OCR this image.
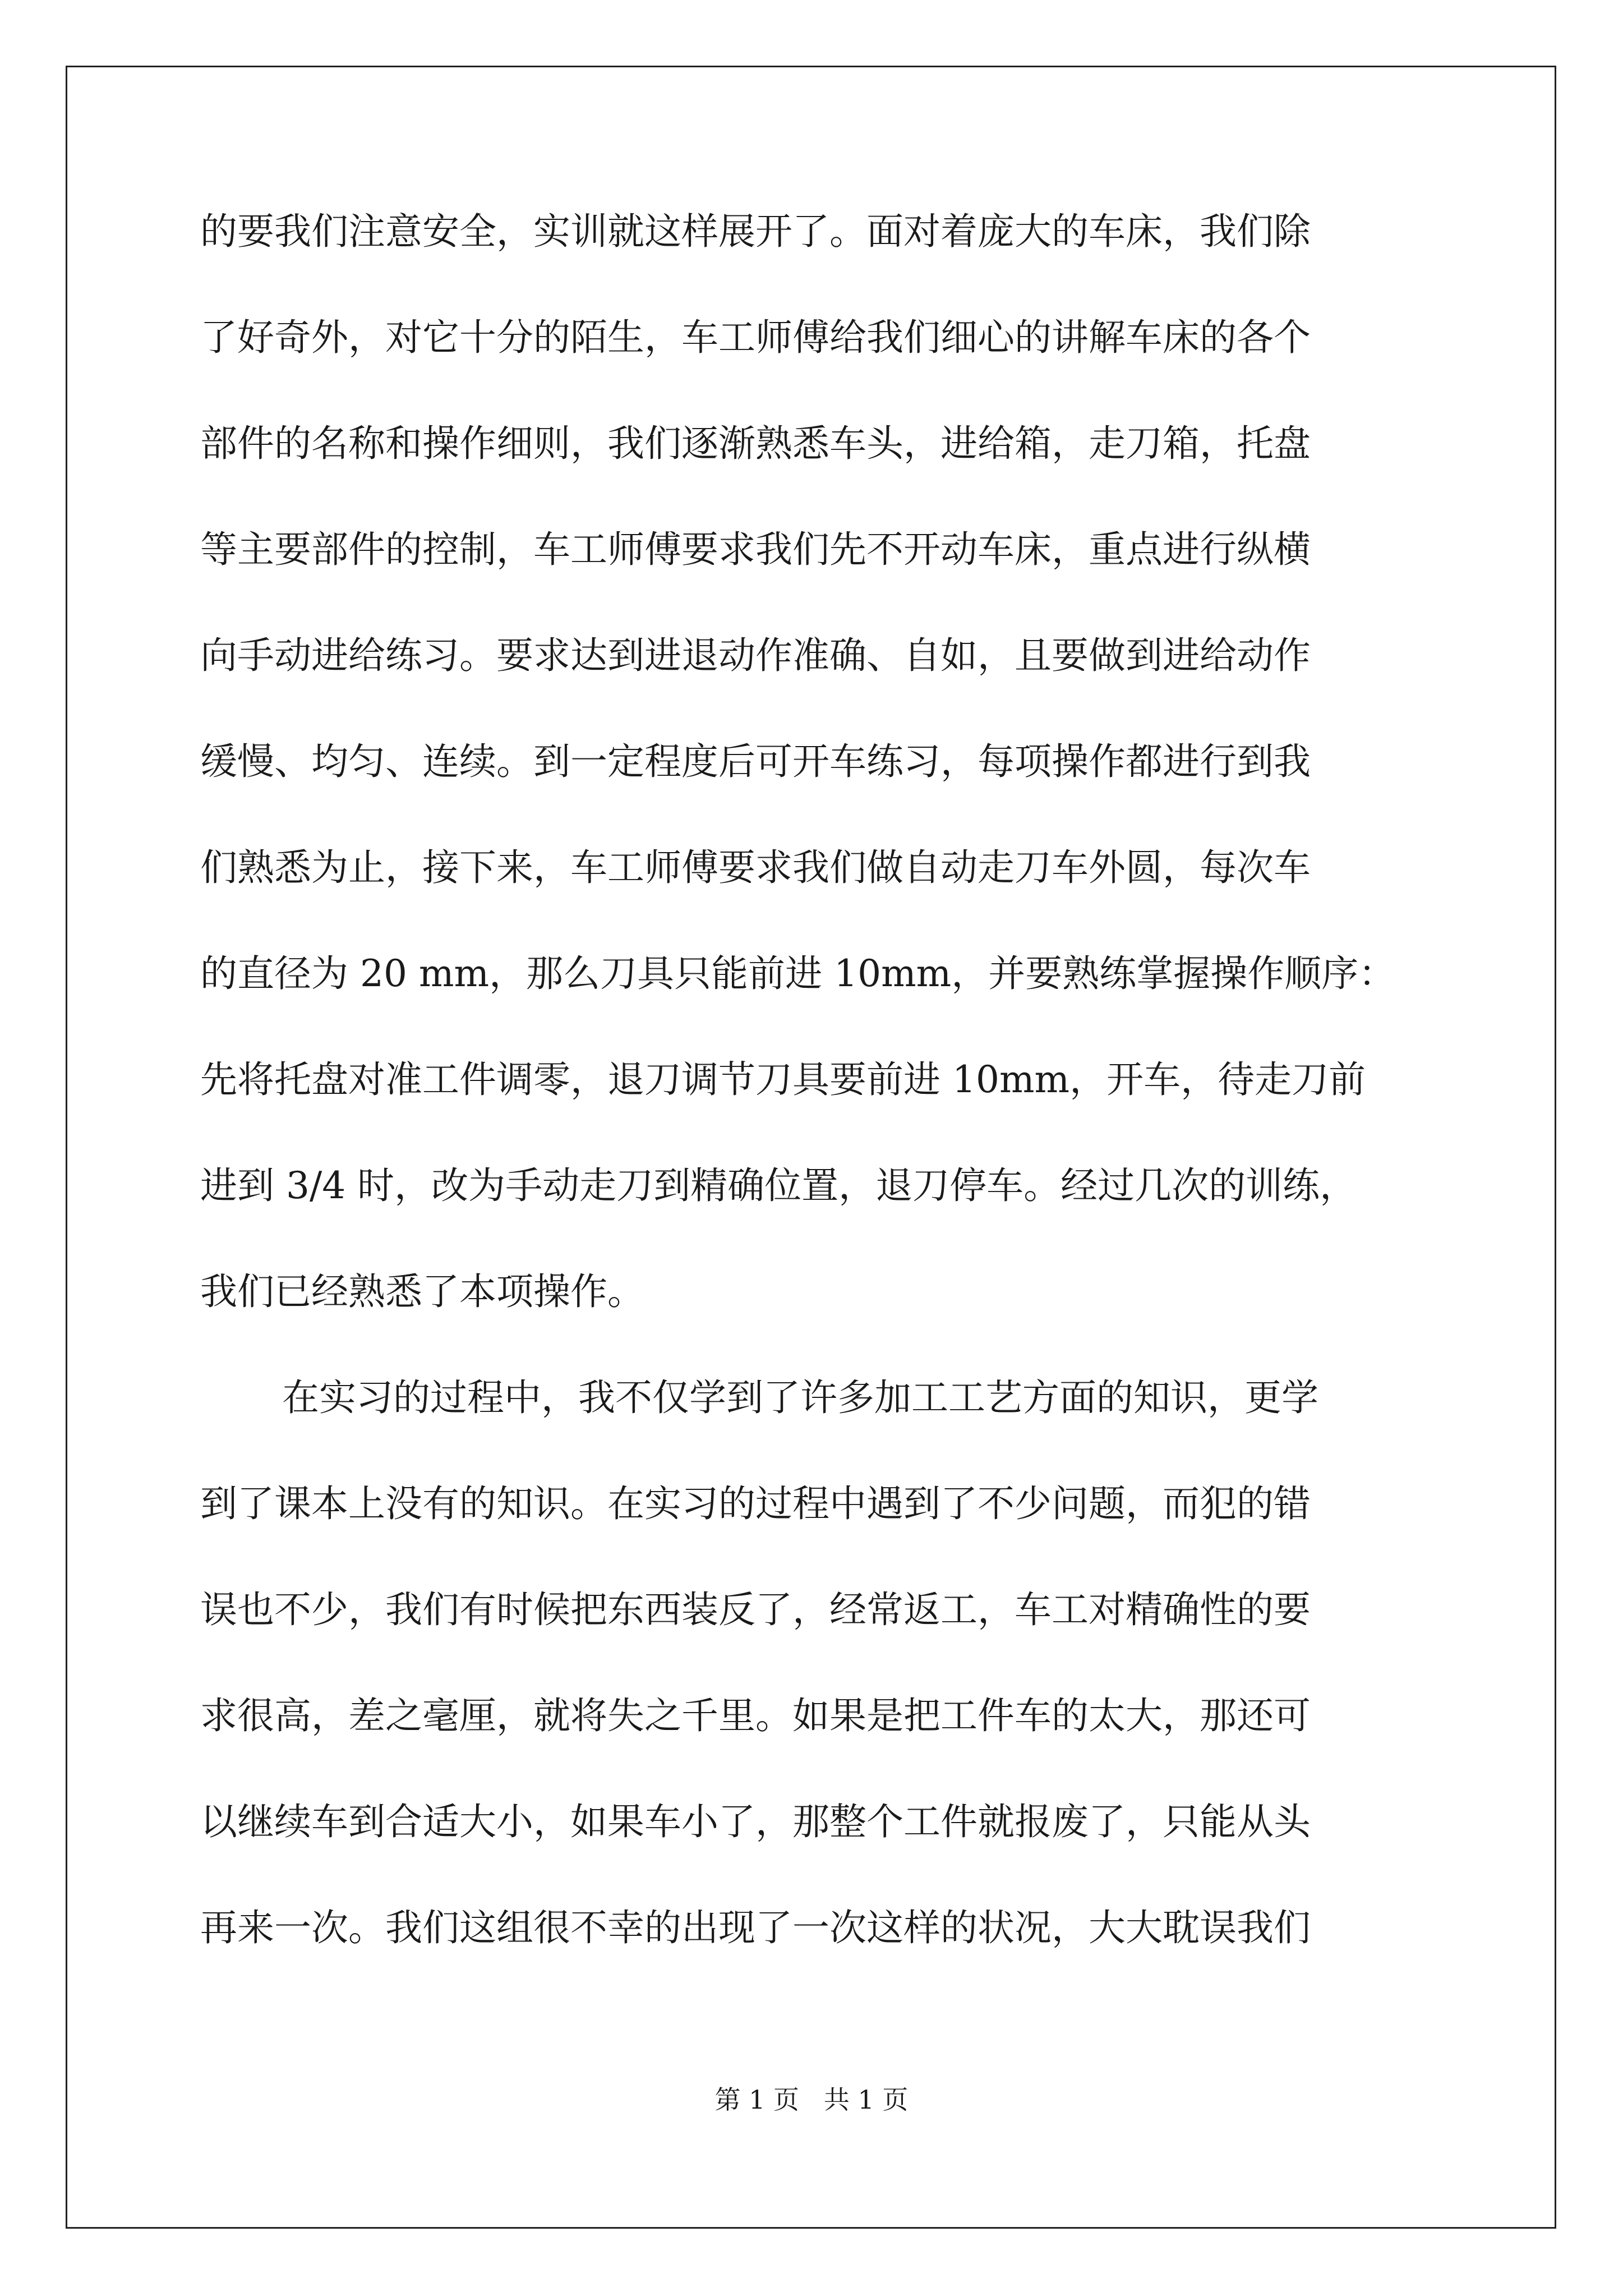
的要我们注意安全，实训就这样展开了。面对着庞大的车床，我们除
了好奇外，对它十分的陌生，车工师傅给我们细心的讲解车床的各个
部件的名称和操作细则，我们逐渐熟悉车头，进给箱，走刀箱，托盘
等主要部件的控制，车工师傅要求我们先不开动车床，重点进行纵横
向手动进给练习。要求达到进退动作准确、自如，且要做到进给动作
缓慢、均匀、连续。到一定程度后可开车练习，每项操作都进行到我
们熟悉为止，接下来，车工师傅要求我们做自动走刀车外圆，每次车
的直径为 20 mm，那么刀具只能前进 10mm，并要熟练掌握操作顺序：
先将托盘对准工件调零，退刀调节刀具要前进 10mm，开车，待走刀前
进到 3/4 时，改为手动走刀到精确位置，退刀停车。经过几次的训练，
我们已经熟悉了本项操作。
在实习的过程中，我不仅学到了许多加工工艺方面的知识，更学
到了课本上没有的知识。在实习的过程中遇到了不少问题，而犯的错
误也不少，我们有时候把东西装反了，经常返工，车工对精确性的要
求很高，差之毫厘，就将失之千里。如果是把工件车的太大，那还可
以继续车到合适大小，如果车小了，那整个工件就报废了，只能从头
再来一次。我们这组很不幸的出现了一次这样的状况，大大耽误我们
第 1 页   共 1 页
